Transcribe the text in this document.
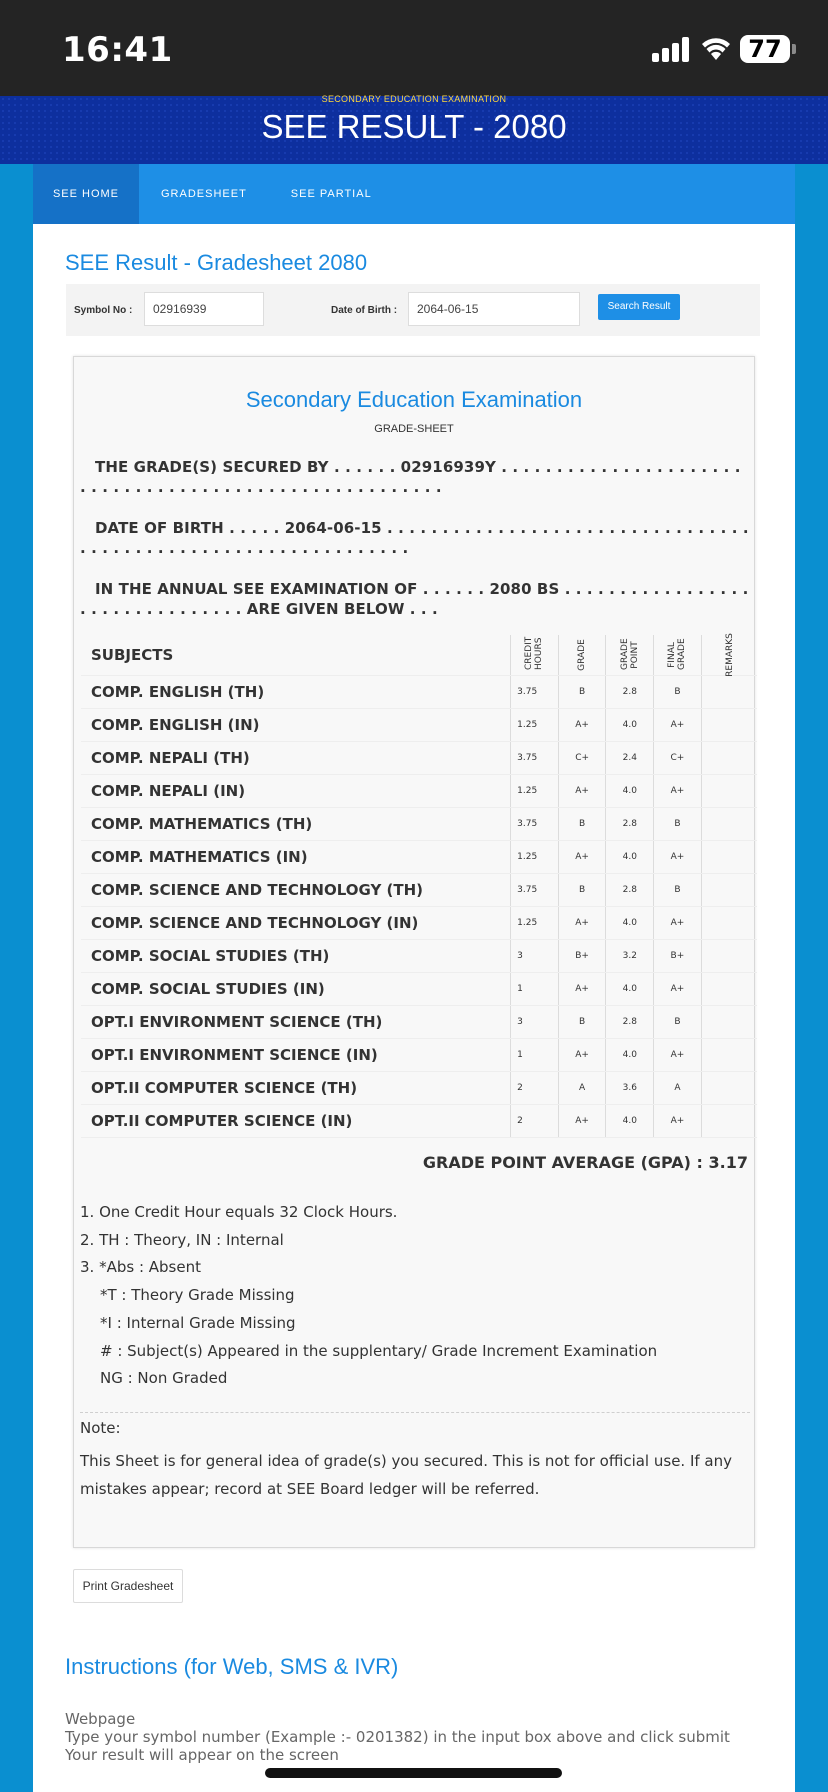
16:41	77
SECONDARY EDUCATION EXAMINATION
SEE RESULT - 2080
SEE HOME	GRADESHEET	SEE PARTIAL
SEE Result - Gradesheet 2080
Symbol No :	02916939	Date of Birth :	2064-06-15	Search Result
Secondary Education Examination
GRADE-SHEET
THE GRADE(S) SECURED BY . . . . . . 02916939Y . . . . . . . . . . . . . . . . . . . . . . . . . . . . . . . . . . . . . . . . . . . . . . . . . . . . . . .
DATE OF BIRTH . . . . . 2064-06-15 . . . . . . . . . . . . . . . . . . . . . . . . . . . . . . . . . . . . . . . . . . . . . . . . . . . . . . . . . . . . . . .
IN THE ANNUAL SEE EXAMINATION OF . . . . . . 2080 BS . . . . . . . . . . . . . . . . . . . . . . . . . . . . . . . . ARE GIVEN BELOW . . .
SUBJECTS	CREDIT HOURS	GRADE	GRADE POINT	FINAL GRADE	REMARKS
COMP. ENGLISH (TH)	3.75	B	2.8	B	
COMP. ENGLISH (IN)	1.25	A+	4.0	A+	
COMP. NEPALI (TH)	3.75	C+	2.4	C+	
COMP. NEPALI (IN)	1.25	A+	4.0	A+	
COMP. MATHEMATICS (TH)	3.75	B	2.8	B	
COMP. MATHEMATICS (IN)	1.25	A+	4.0	A+	
COMP. SCIENCE AND TECHNOLOGY (TH)	3.75	B	2.8	B	
COMP. SCIENCE AND TECHNOLOGY (IN)	1.25	A+	4.0	A+	
COMP. SOCIAL STUDIES (TH)	3	B+	3.2	B+	
COMP. SOCIAL STUDIES (IN)	1	A+	4.0	A+	
OPT.I ENVIRONMENT SCIENCE (TH)	3	B	2.8	B	
OPT.I ENVIRONMENT SCIENCE (IN)	1	A+	4.0	A+	
OPT.II COMPUTER SCIENCE (TH)	2	A	3.6	A	
OPT.II COMPUTER SCIENCE (IN)	2	A+	4.0	A+	
GRADE POINT AVERAGE (GPA) : 3.17
1. One Credit Hour equals 32 Clock Hours.
2. TH : Theory, IN : Internal
3. *Abs : Absent
*T : Theory Grade Missing
*I : Internal Grade Missing
# : Subject(s) Appeared in the supplentary/ Grade Increment Examination
NG : Non Graded
Note:
This Sheet is for general idea of grade(s) you secured. This is not for official use. If any mistakes appear; record at SEE Board ledger will be referred.
Print Gradesheet
Instructions (for Web, SMS & IVR)
Webpage
Type your symbol number (Example :- 0201382) in the input box above and click submit
Your result will appear on the screen
